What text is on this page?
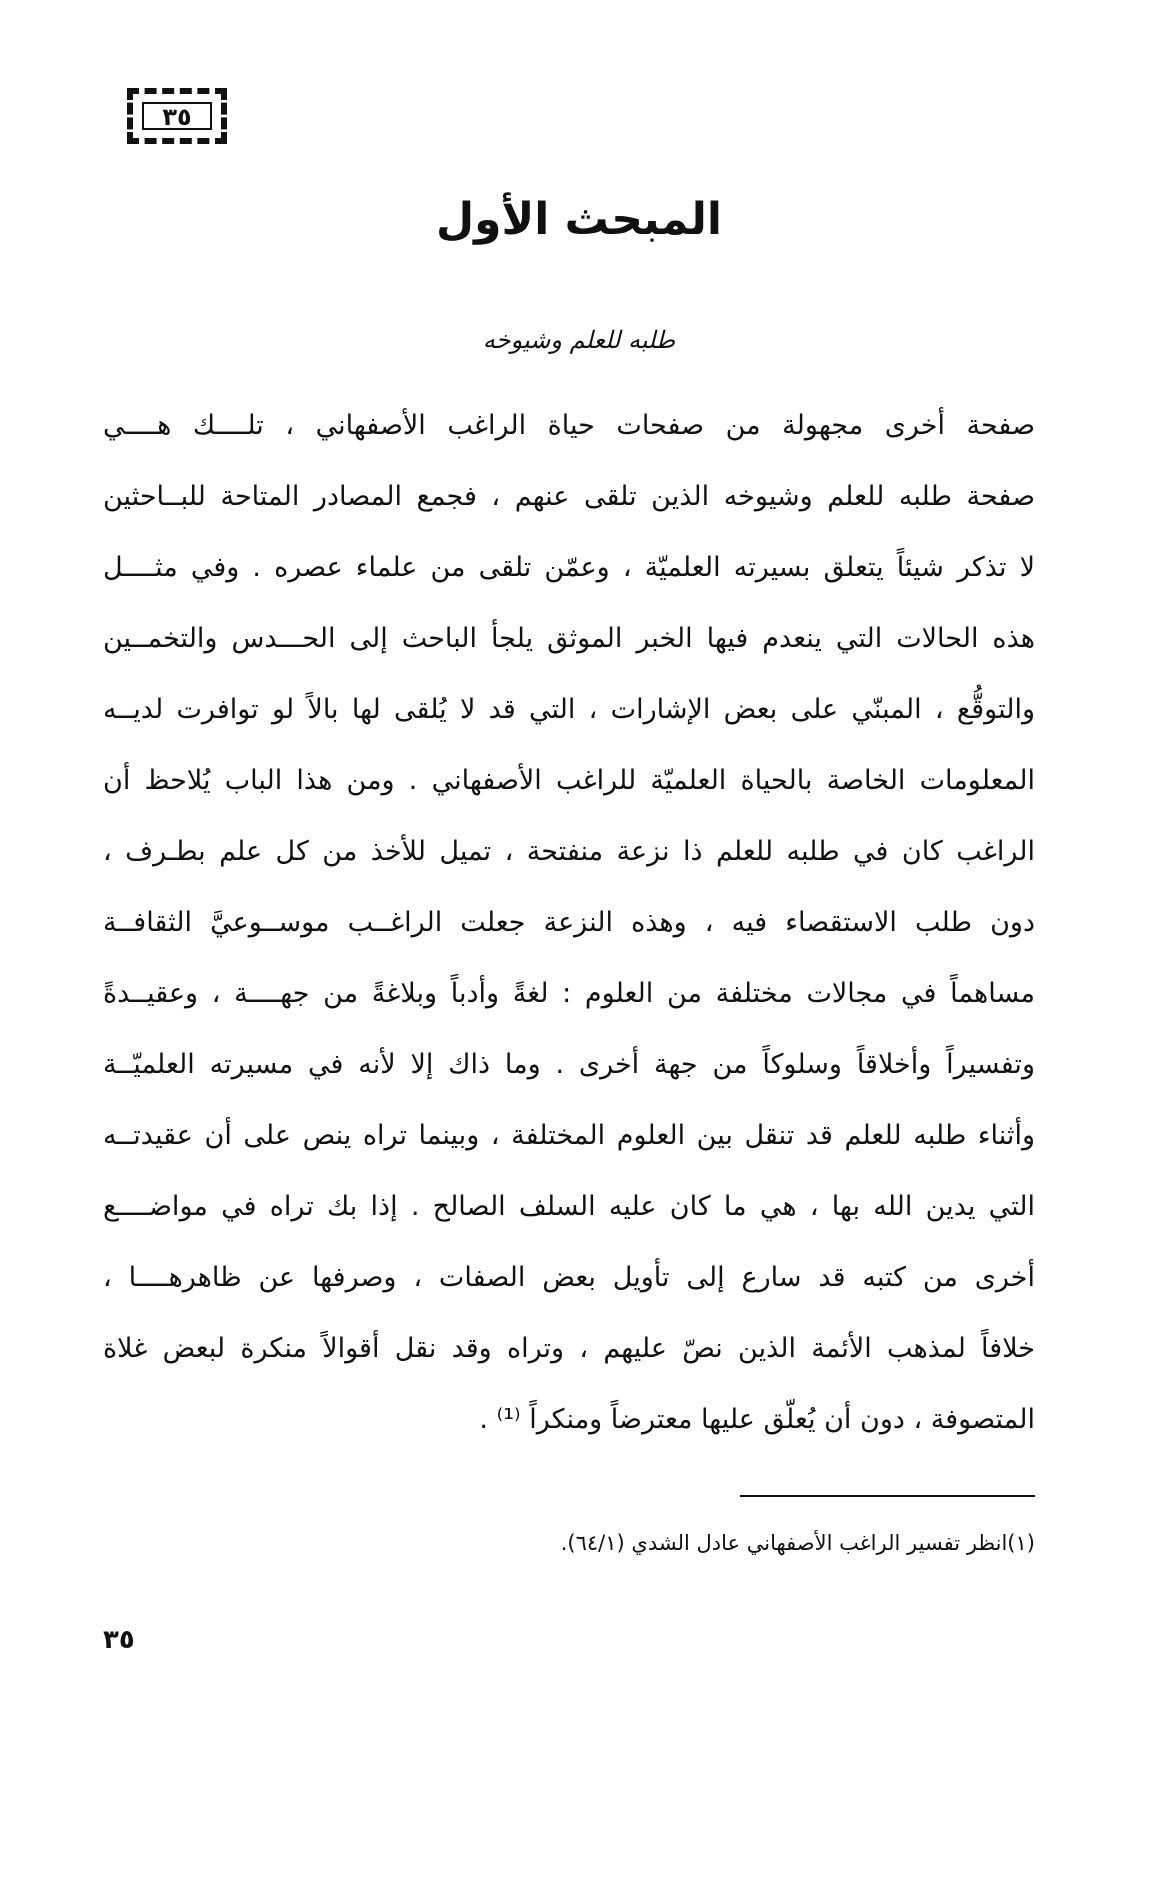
٣٥
المبحث الأول
طلبه للعلم وشيوخه
صفحة أخرى مجهولة من صفحات حياة الراغب الأصفهاني ، تلــــك هــــي
صفحة طلبه للعلم وشيوخه الذين تلقى عنهم ، فجمع المصادر المتاحة للبــاحثين
لا تذكر شيئاً يتعلق بسيرته العلميّة ، وعمّن تلقى من علماء عصره . وفي مثــــل
هذه الحالات التي ينعدم فيها الخبر الموثق يلجأ الباحث إلى الحـــدس والتخمــين
والتوقُّع ، المبنّي على بعض الإشارات ، التي قد لا يُلقى لها بالاً لو توافرت لديــه
المعلومات الخاصة بالحياة العلميّة للراغب الأصفهاني . ومن هذا الباب يُلاحظ أن
الراغب كان في طلبه للعلم ذا نزعة منفتحة ، تميل للأخذ من كل علم بطـرف ،
دون طلب الاستقصاء فيه ، وهذه النزعة جعلت الراغــب موســوعيَّ الثقافــة
مساهماً في مجالات مختلفة من العلوم : لغةً وأدباً وبلاغةً من جهــــة ، وعقيــدةً
وتفسيراً وأخلاقاً وسلوكاً من جهة أخرى . وما ذاك إلا لأنه في مسيرته العلميّــة
وأثناء طلبه للعلم قد تنقل بين العلوم المختلفة ، وبينما تراه ينص على أن عقيدتــه
التي يدين الله بها ، هي ما كان عليه السلف الصالح . إذا بك تراه في مواضــــع
أخرى من كتبه قد سارع إلى تأويل بعض الصفات ، وصرفها عن ظاهرهــــا ،
خلافاً لمذهب الأئمة الذين نصّ عليهم ، وتراه وقد نقل أقوالاً منكرة لبعض غلاة
المتصوفة ، دون أن يُعلّق عليها معترضاً ومنكراً ⁽¹⁾ .
(١)انظر تفسير الراغب الأصفهاني عادل الشدي (٦٤/١).
٣٥
